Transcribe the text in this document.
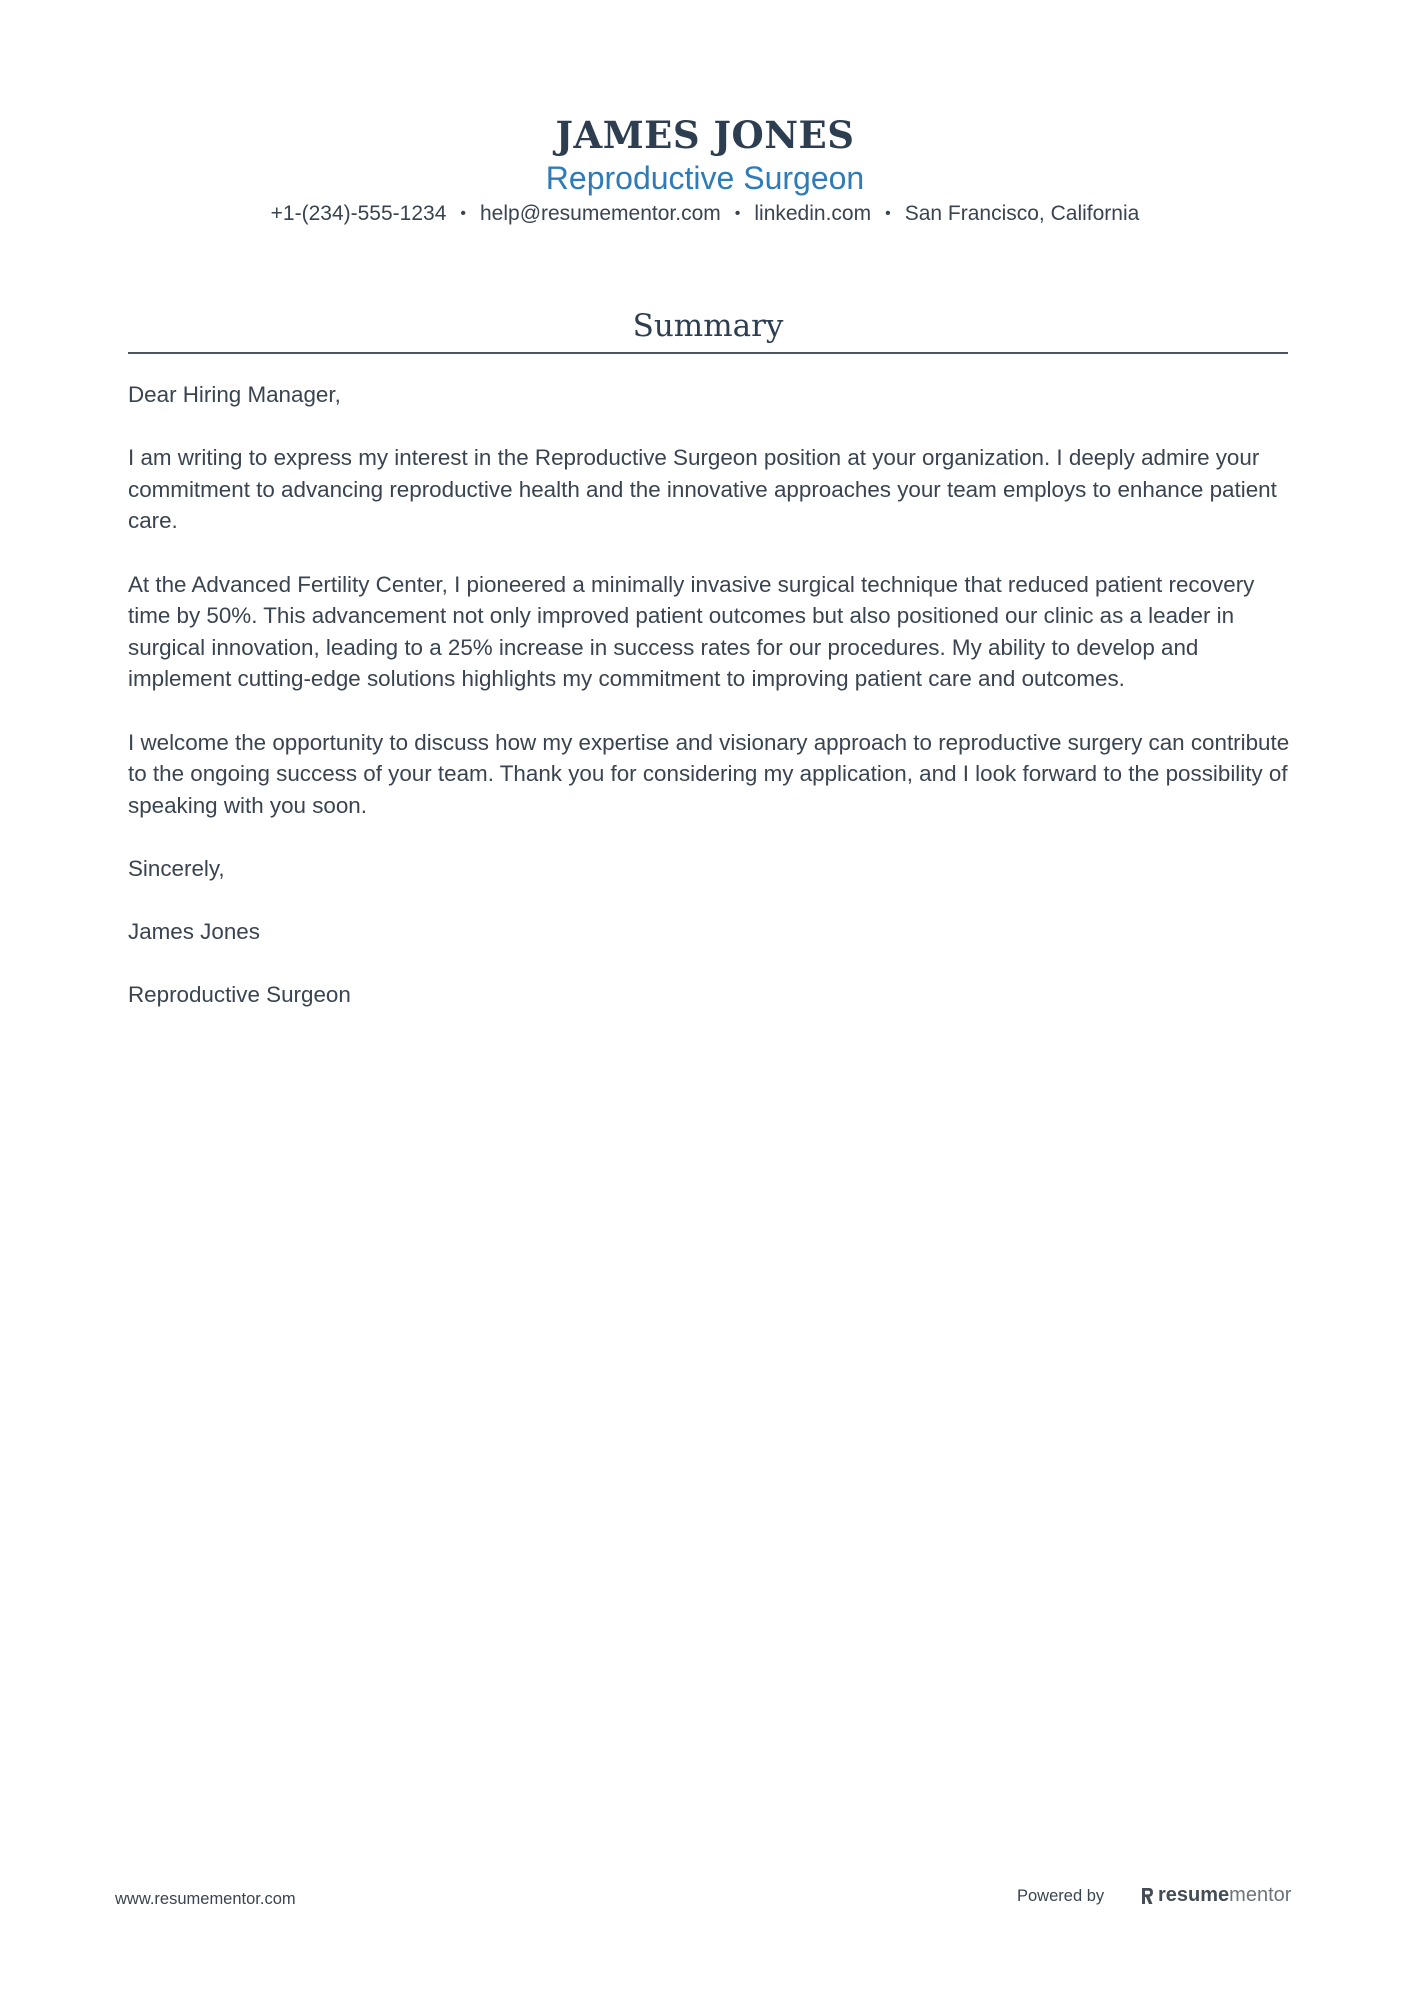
JAMES JONES
Reproductive Surgeon
+1-(234)-555-1234 • help@resumementor.com • linkedin.com • San Francisco, California
Summary

Dear Hiring Manager,

I am writing to express my interest in the Reproductive Surgeon position at your organization. I deeply admire your commitment to advancing reproductive health and the innovative approaches your team employs to enhance patient care.

At the Advanced Fertility Center, I pioneered a minimally invasive surgical technique that reduced patient recovery time by 50%. This advancement not only improved patient outcomes but also positioned our clinic as a leader in surgical innovation, leading to a 25% increase in success rates for our procedures. My ability to develop and implement cutting-edge solutions highlights my commitment to improving patient care and outcomes.

I welcome the opportunity to discuss how my expertise and visionary approach to reproductive surgery can contribute to the ongoing success of your team. Thank you for considering my application, and I look forward to the possibility of speaking with you soon.

Sincerely,

James Jones

Reproductive Surgeon

www.resumementor.com	Powered by	resume mentor
